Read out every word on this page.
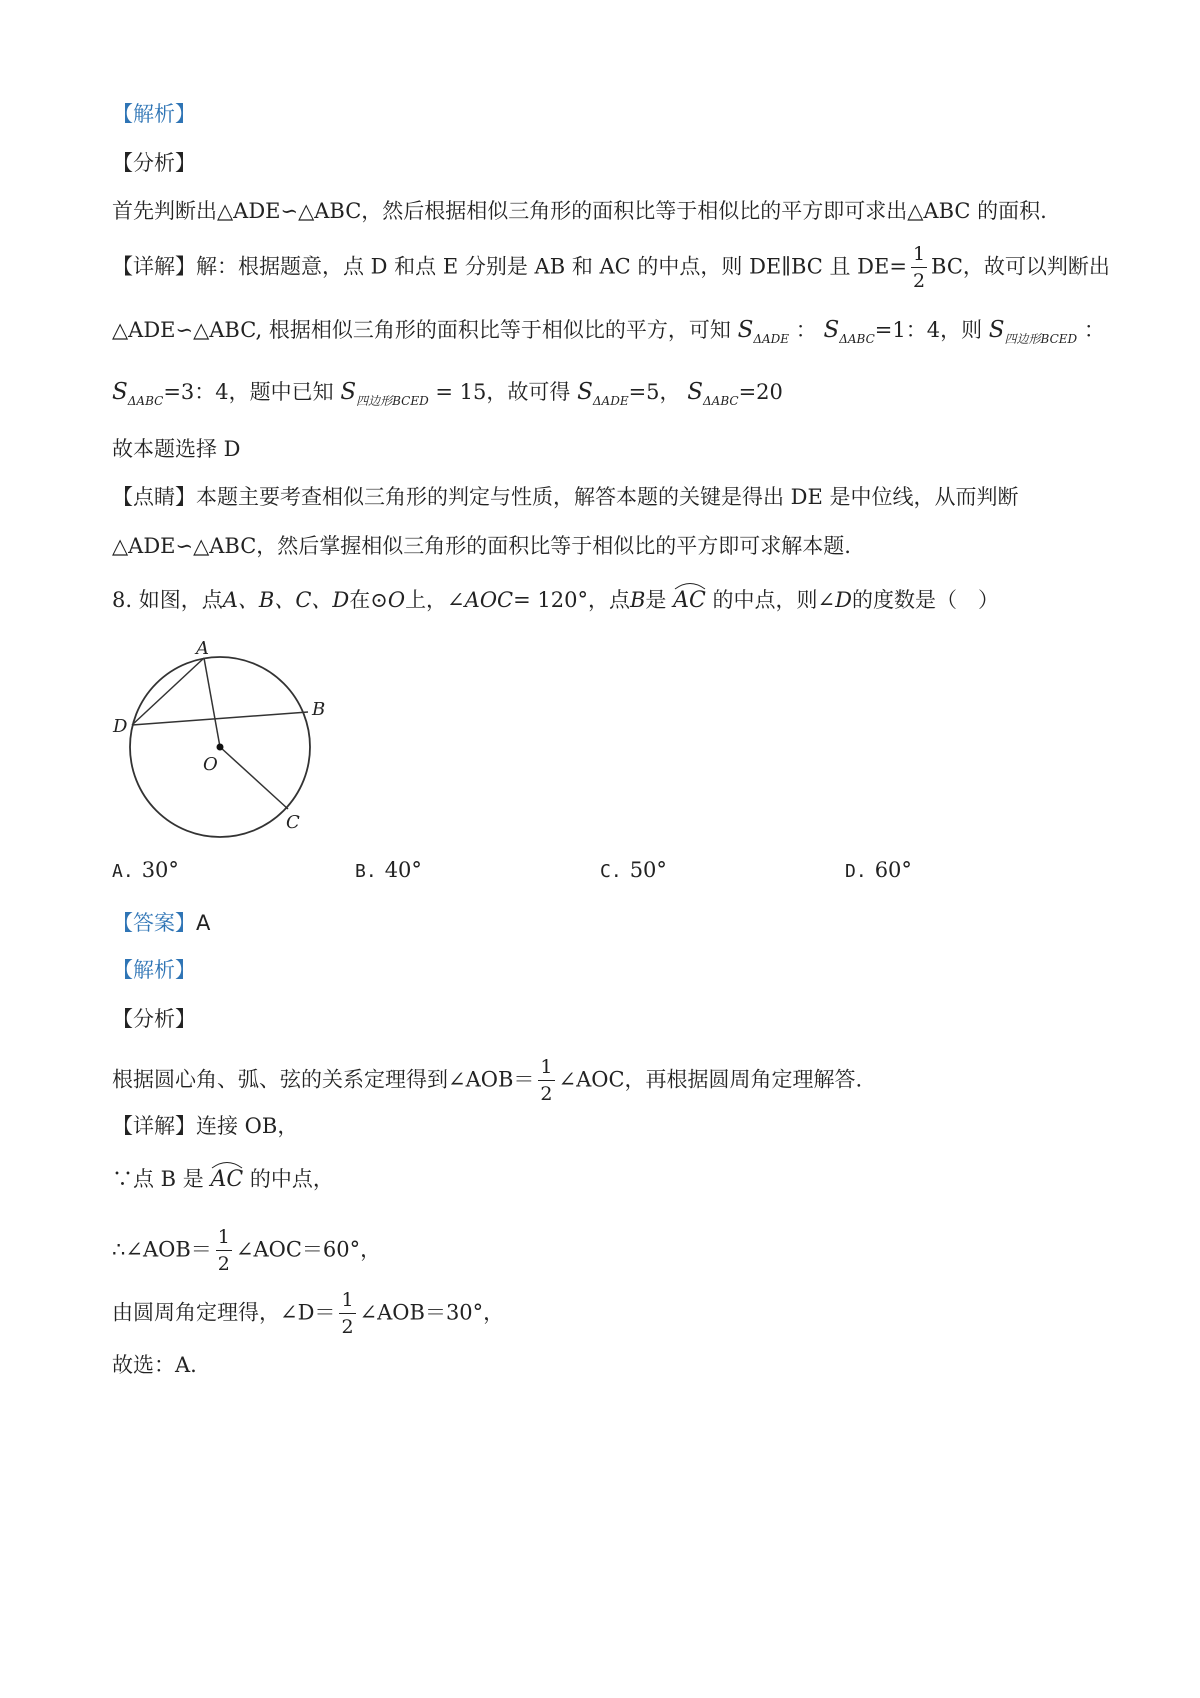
【解析】
【分析】
首先判断出△ADE∽△ABC，然后根据相似三角形的面积比等于相似比的平方即可求出△ABC 的面积.
【详解】解：根据题意，点 D 和点 E 分别是 AB 和 AC 的中点，则 DE∥BC 且 $DE= \frac{1}{2}$ BC，故可以判断出
△ADE∽△ABC, 根据相似三角形的面积比等于相似比的平方，可知 $S_{\Delta ADE}$ ： $S_{\Delta ABC}=1$：4，则 $S_{四边形BCED}$ ：
$S_{\Delta ABC}=3$：4，题中已知 $S_{四边形BCED} = 15$，故可得 $S_{\Delta ADE}=5$， $S_{\Delta ABC}=20$
故本题选择 D
【点睛】本题主要考查相似三角形的判定与性质，解答本题的关键是得出 DE 是中位线，从而判断
△ADE∽△ABC，然后掌握相似三角形的面积比等于相似比的平方即可求解本题.
8. 如图，点A、B、C、D在⊙O上，∠AOC= 120°，点B是 AC 的中点，则∠D的度数是（　）
A
B
C
D
O
A. 30°	B. 40°	C. 50°	D. 60°
【答案】A
【解析】
【分析】
根据圆心角、弧、弦的关系定理得到∠AOB＝ $\frac{1}{2}$ ∠AOC，再根据圆周角定理解答.
【详解】连接 OB，
∵点 B 是 AC 的中点，
∴∠AOB＝ $\frac{1}{2}$ ∠AOC＝60°，
由圆周角定理得，∠D＝ $\frac{1}{2}$ ∠AOB＝30°，
故选：A.
